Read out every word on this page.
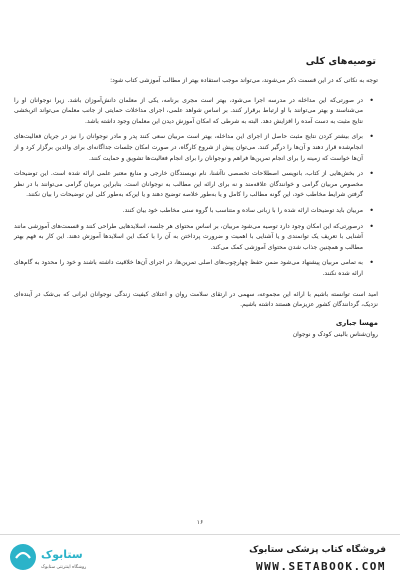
توصیه‌های کلی

توجه به نکاتی که در این قسمت ذکر می‌شوند، می‌تواند موجب استفاده بهتر از مطالب آموزشی کتاب شود:

•
در صورتی‌که این مداخله در مدرسه اجرا می‌شود، بهتر است مجری برنامه، یکی از معلمان دانش‌آموزان باشد. زیرا نوجوانان او را می‌شناسند و بهتر می‌توانند با او ارتباط برقرار کنند. بر اساس شواهد علمی، اجرای مداخلات حمایتی از جانب معلمان می‌تواند اثربخشی نتایج مثبت به دست آمده را افزایش دهد. البته به شرطی که امکان آموزش دیدن این معلمان وجود داشته باشد.
•
برای بیشتر کردن نتایج مثبت حاصل از اجرای این مداخله، بهتر است مربیان سعی کنند پدر و مادر نوجوانان را نیز در جریان فعالیت‌های انجام‌شده قرار دهند و آن‌ها را درگیر کنند. می‌توان پیش از شروع کارگاه، در صورت امکان جلسات جداگانه‌ای برای والدین برگزار کرد و از آن‌ها خواست که زمینه را برای انجام تمرین‌ها فراهم و نوجوانان را برای انجام فعالیت‌ها تشویق و حمایت کنند.
•
در بخش‌هایی از کتاب، بانویسی اصطلاحات تخصصی ناآشنا، نام نویسندگان خارجی و منابع معتبر علمی ارائه شده است. این توضیحات مخصوص مربیان گرامی و خوانندگان علاقه‌مند و نه برای ارائه این مطالب به نوجوانان است. بنابراین مربیان گرامی می‌توانند با در نظر گرفتن شرایط مخاطب خود، این گونه مطالب را کامل و یا به‌طور خلاصه توضیح دهند و یا این‌که به‌طور کلی این توضیحات را بیان نکنند.
•
مربیان باید توضیحات ارائه شده را با زبانی ساده و متناسب با گروه سنی مخاطب خود بیان کنند.
•
درصورتی‌که این امکان وجود دارد توصیه می‌شود مربیان، بر اساس محتوای هر جلسه، اسلایدهایی طراحی کنند و قسمت‌های آموزشی مانند آشنایی با تعریف یک توانمندی و یا آشنایی با اهمیت و ضرورت پرداختن به آن را با کمک این اسلایدها آموزش دهند. این کار به فهم بهتر مطالب و همچنین جذاب شدن محتوای آموزشی کمک می‌کند.
•
به تمامی مربیان پیشنهاد می‌شود ضمن حفظ چهارچوب‌های اصلی تمرین‌ها، در اجرای آن‌ها خلاقیت داشته باشند و خود را محدود به گام‌های ارائه شده نکنند.

امید است توانسته باشیم با ارائه این مجموعه، سهمی در ارتقای سلامت روان و اعتلای کیفیت زندگی نوجوانان ایرانی که بی‌شک در آینده‌ای نزدیک، گردانندگان کشور عزیزمان هستند داشته باشیم.

مهسا جباری

روان‌شناس بالینی کودک و نوجوان

۱۶
ستابوک
فروشگاه اینترنتی ستابوک
فروشگاه کتاب پزشکی ستابوک
WWW.SETABOOK.COM
